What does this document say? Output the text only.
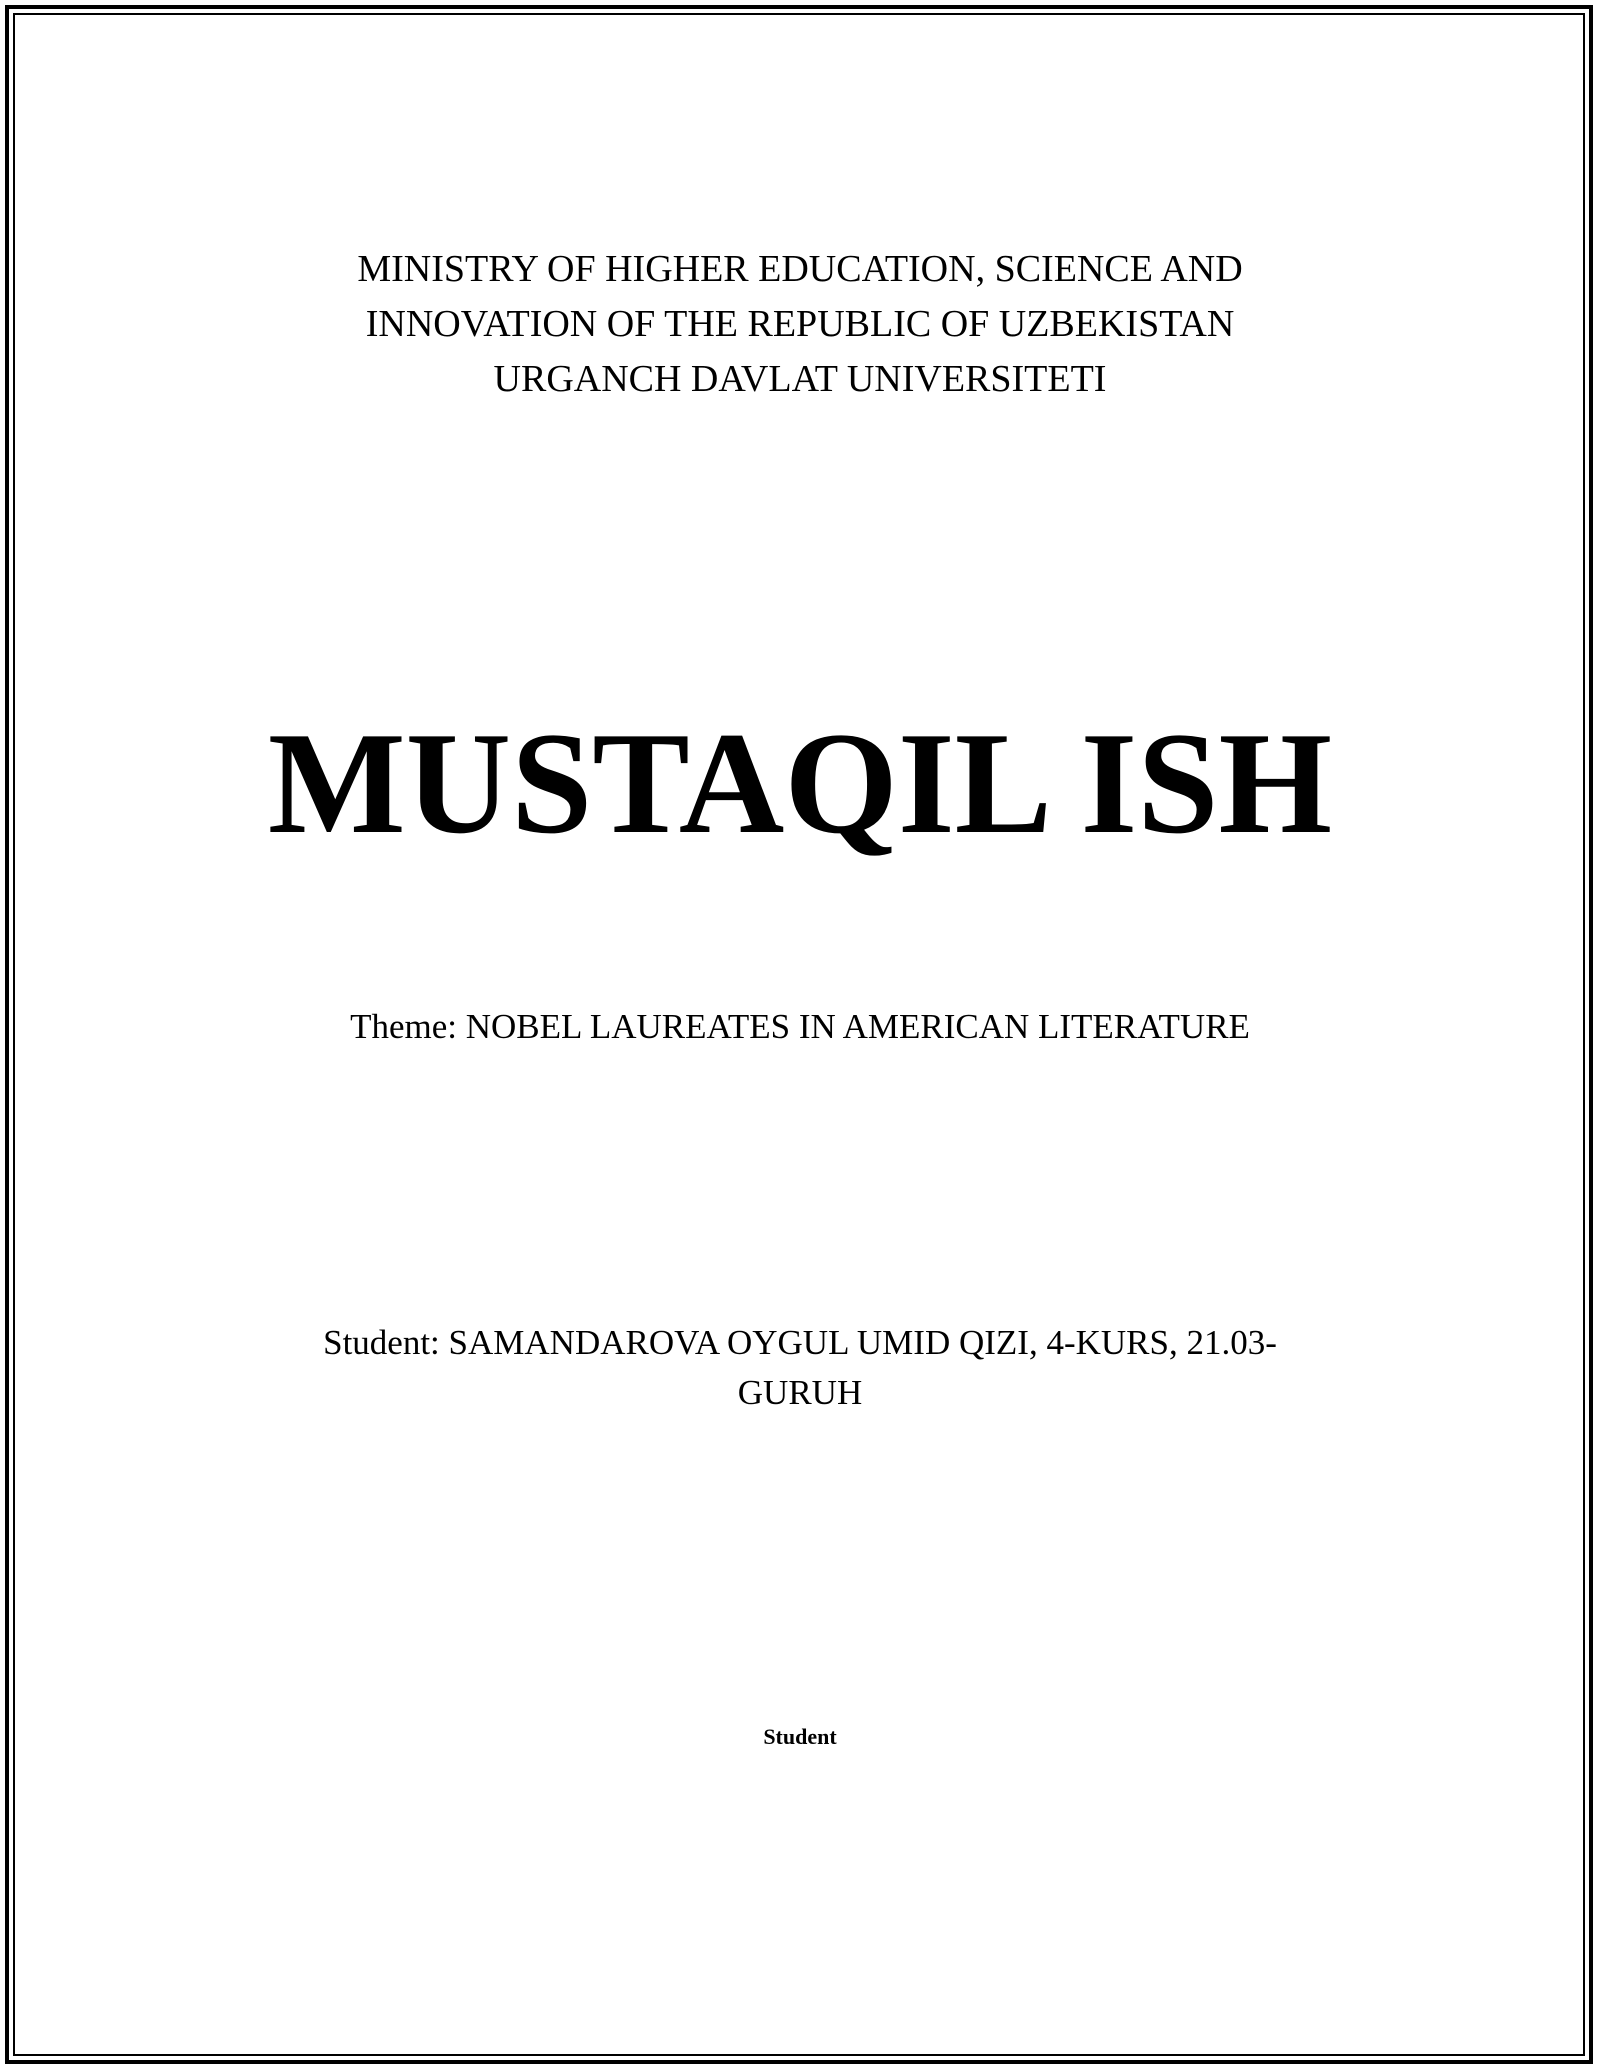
MINISTRY OF HIGHER EDUCATION, SCIENCE AND
INNOVATION OF THE REPUBLIC OF UZBEKISTAN
URGANCH DAVLAT UNIVERSITETI
MUSTAQIL ISH
Theme: NOBEL LAUREATES IN AMERICAN LITERATURE
Student: SAMANDAROVA OYGUL UMID QIZI, 4-KURS, 21.03-
GURUH
Student
